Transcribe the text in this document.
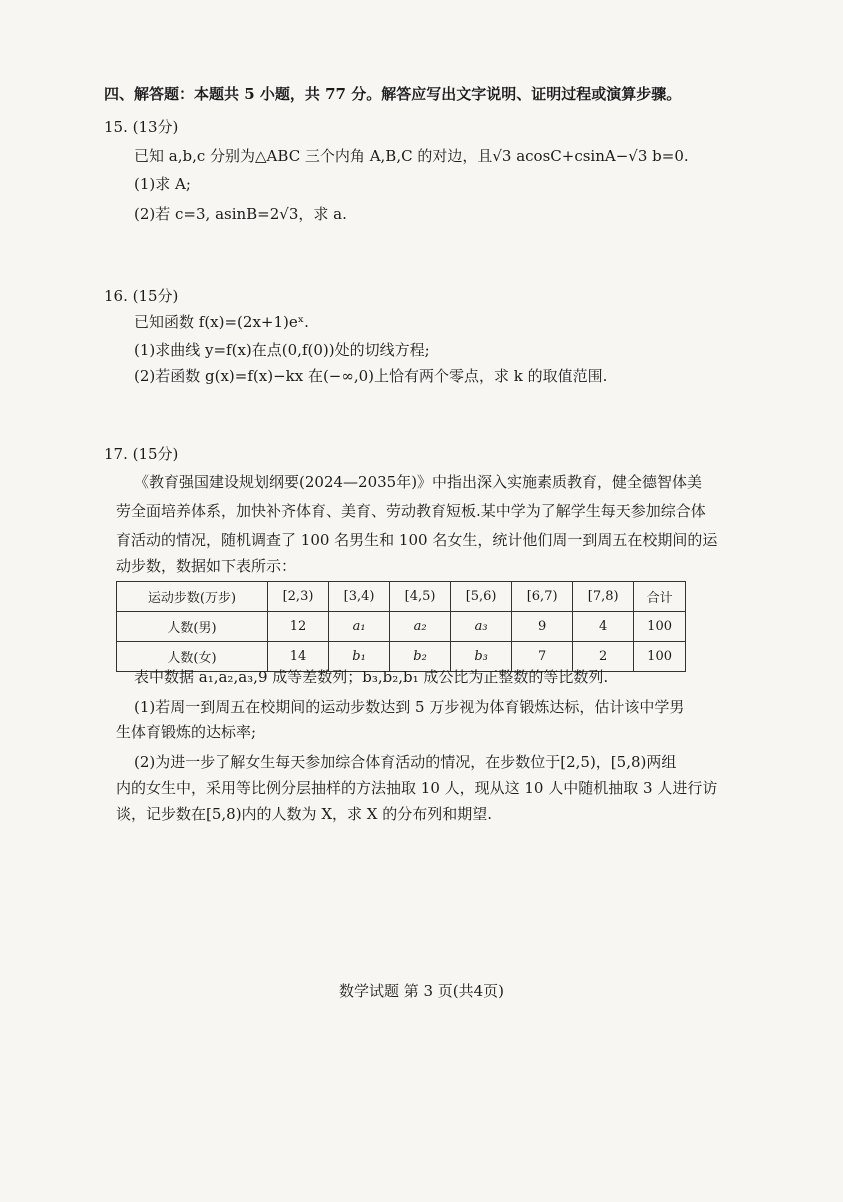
四、解答题：本题共 5 小题，共 77 分。解答应写出文字说明、证明过程或演算步骤。
15. (13分)
已知 a,b,c 分别为△ABC 三个内角 A,B,C 的对边，且√3 acosC+csinA−√3 b=0.
(1)求 A;
(2)若 c=3, asinB=2√3，求 a.
16. (15分)
已知函数 f(x)=(2x+1)eˣ.
(1)求曲线 y=f(x)在点(0,f(0))处的切线方程;
(2)若函数 g(x)=f(x)−kx 在(−∞,0)上恰有两个零点，求 k 的取值范围.
17. (15分)
《教育强国建设规划纲要(2024—2035年)》中指出深入实施素质教育，健全德智体美
劳全面培养体系，加快补齐体育、美育、劳动教育短板.某中学为了解学生每天参加综合体
育活动的情况，随机调查了 100 名男生和 100 名女生，统计他们周一到周五在校期间的运
动步数，数据如下表所示：
运动步数(万步)	[2,3)	[3,4)	[4,5)	[5,6)	[6,7)	[7,8)	合计
人数(男)	12	a₁	a₂	a₃	9	4	100
人数(女)	14	b₁	b₂	b₃	7	2	100
表中数据 a₁,a₂,a₃,9 成等差数列；b₃,b₂,b₁ 成公比为正整数的等比数列.
(1)若周一到周五在校期间的运动步数达到 5 万步视为体育锻炼达标，估计该中学男
生体育锻炼的达标率;
(2)为进一步了解女生每天参加综合体育活动的情况，在步数位于[2,5)，[5,8)两组
内的女生中，采用等比例分层抽样的方法抽取 10 人，现从这 10 人中随机抽取 3 人进行访
谈，记步数在[5,8)内的人数为 X，求 X 的分布列和期望.
数学试题 第 3 页(共4页)
